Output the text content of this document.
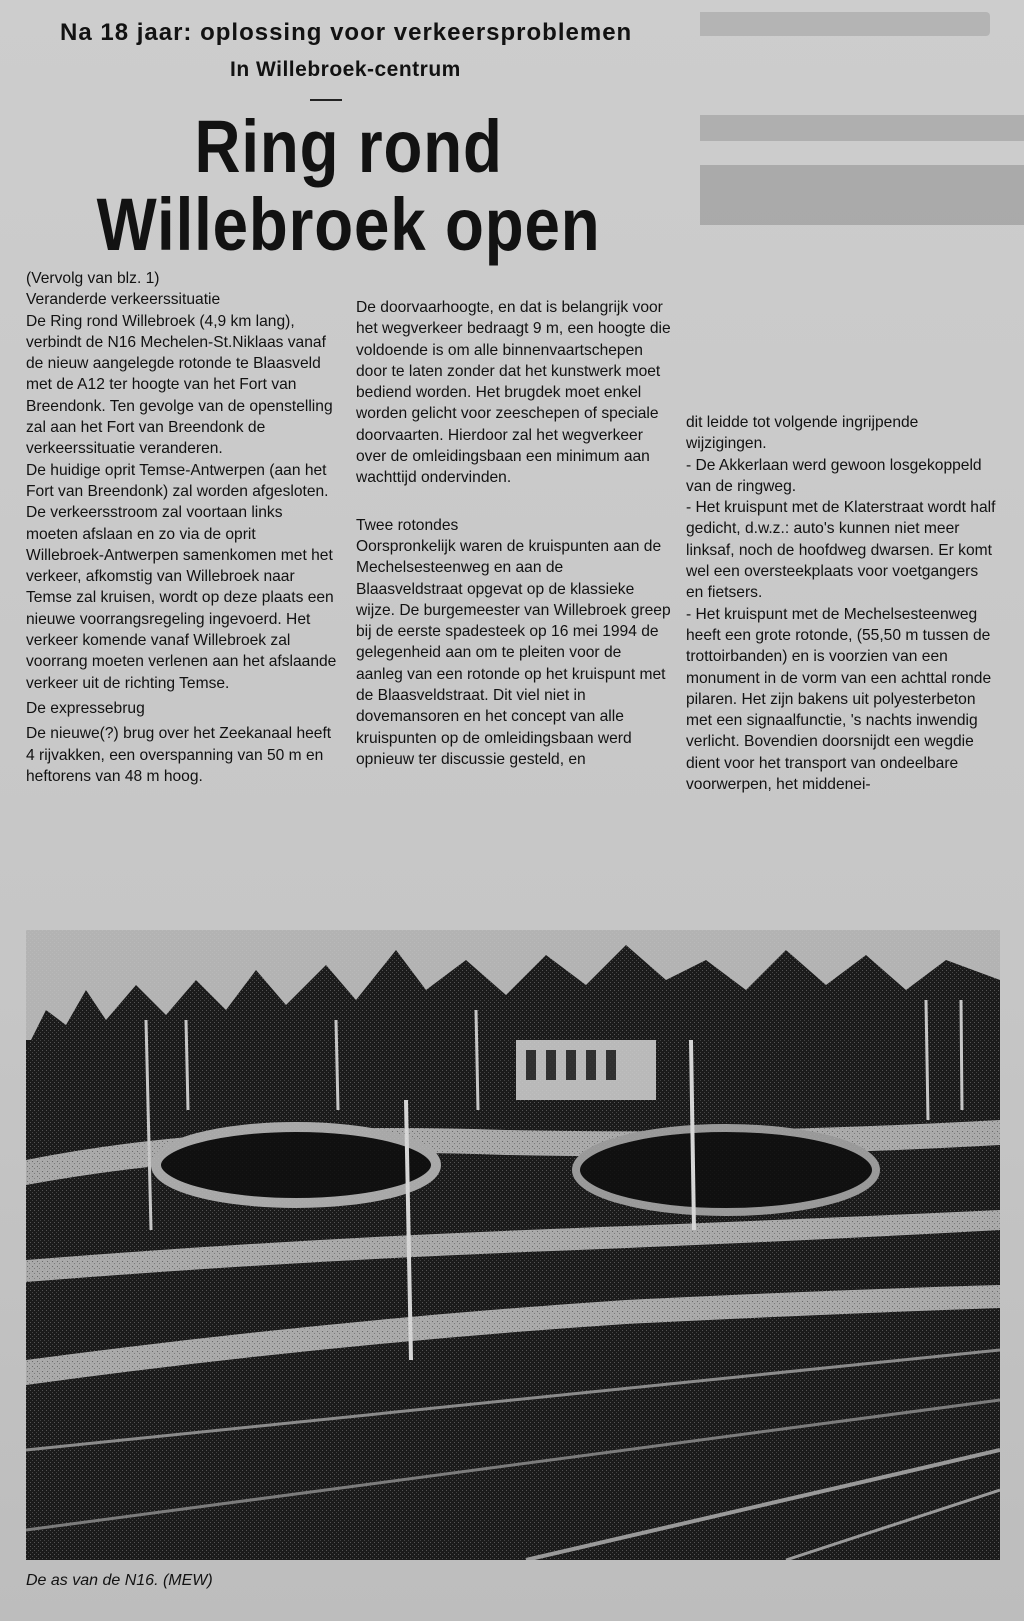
Na 18 jaar: oplossing voor verkeersproblemen
In Willebroek-centrum
Ring rond
Willebroek open

(Vervolg van blz. 1)

Veranderde verkeerssituatie

De Ring rond Willebroek (4,9 km lang), verbindt de N16 Mechelen-St.Niklaas vanaf de nieuw aangelegde rotonde te Blaasveld met de A12 ter hoogte van het Fort van Breendonk. Ten gevolge van de openstelling zal aan het Fort van Breendonk de verkeerssituatie veranderen.

De huidige oprit Temse-Antwerpen (aan het Fort van Breendonk) zal worden afgesloten. De verkeersstroom zal voortaan links moeten afslaan en zo via de oprit Willebroek-Antwerpen samenkomen met het verkeer, afkomstig van Willebroek naar Temse zal kruisen, wordt op deze plaats een nieuwe voorrangsregeling ingevoerd. Het verkeer komende vanaf Willebroek zal voorrang moeten verlenen aan het afslaande verkeer uit de richting Temse.

De expressebrug

De nieuwe(?) brug over het Zeekanaal heeft 4 rijvakken, een overspanning van 50 m en heftorens van 48 m hoog.

De doorvaarhoogte, en dat is belangrijk voor het wegverkeer bedraagt 9 m, een hoogte die voldoende is om alle binnenvaartschepen door te laten zonder dat het kunstwerk moet bediend worden. Het brugdek moet enkel worden gelicht voor zeeschepen of speciale doorvaarten. Hierdoor zal het wegverkeer over de omleidingsbaan een minimum aan wachttijd ondervinden.

Twee rotondes

Oorspronkelijk waren de kruispunten aan de Mechelsesteenweg en aan de Blaasveldstraat opgevat op de klassieke wijze. De burgemeester van Willebroek greep bij de eerste spadesteek op 16 mei 1994 de gelegenheid aan om te pleiten voor de aanleg van een rotonde op het kruispunt met de Blaasveldstraat. Dit viel niet in dovemansoren en het concept van alle kruispunten op de omleidingsbaan werd opnieuw ter discussie gesteld, en

dit leidde tot volgende ingrijpende wijzigingen.

- De Akkerlaan werd gewoon losgekoppeld van de ringweg.

- Het kruispunt met de Klaterstraat wordt half gedicht, d.w.z.: auto's kunnen niet meer linksaf, noch de hoofdweg dwarsen. Er komt wel een oversteekplaats voor voetgangers en fietsers.

- Het kruispunt met de Mechelsesteenweg heeft een grote rotonde, (55,50 m tussen de trottoirbanden) en is voorzien van een monument in de vorm van een achttal ronde pilaren. Het zijn bakens uit polyesterbeton met een signaalfunctie, 's nachts inwendig verlicht. Bovendien doorsnijdt een wegdie dient voor het transport van ondeelbare voorwerpen, het middenei-

De as van de N16. (MEW)
